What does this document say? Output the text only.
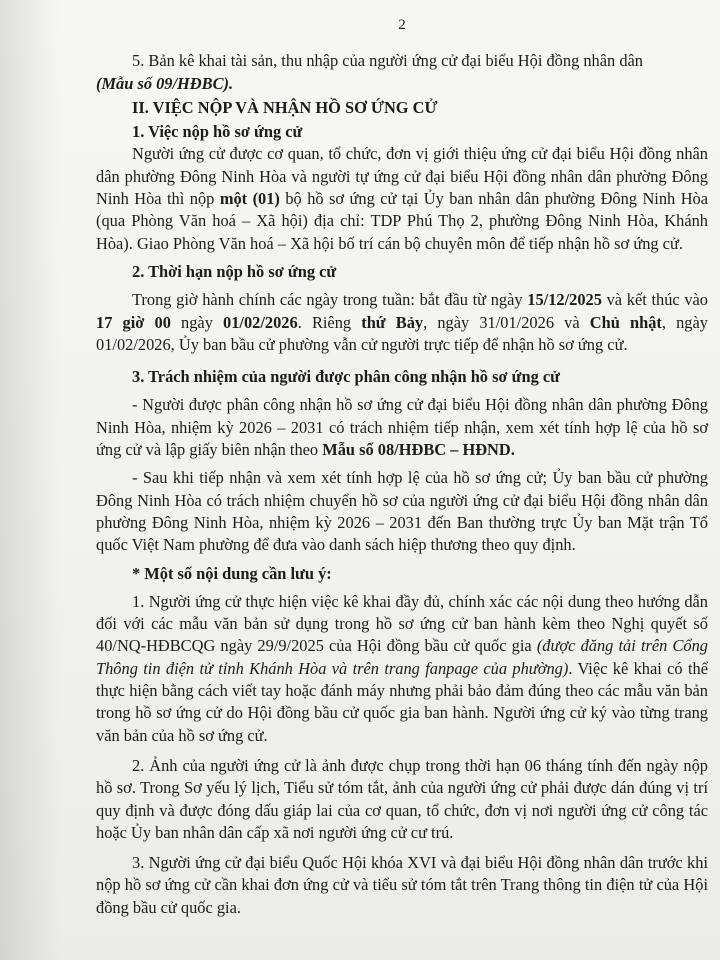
2

5. Bản kê khai tài sản, thu nhập của người ứng cử đại biểu Hội đồng nhân dân

(Mẫu số 09/HĐBC).

II. VIỆC NỘP VÀ NHẬN HỒ SƠ ỨNG CỬ

1. Việc nộp hồ sơ ứng cử

Người ứng cử được cơ quan, tổ chức, đơn vị giới thiệu ứng cử đại biểu Hội đồng nhân dân phường Đông Ninh Hòa và người tự ứng cử đại biểu Hội đồng nhân dân phường Đông Ninh Hòa thì nộp một (01) bộ hồ sơ ứng cử tại Ủy ban nhân dân phường Đông Ninh Hòa (qua Phòng Văn hoá – Xã hội) địa chỉ: TDP Phú Thọ 2, phường Đông Ninh Hòa, Khánh Hòa). Giao Phòng Văn hoá – Xã hội bố trí cán bộ chuyên môn để tiếp nhận hồ sơ ứng cử.

2. Thời hạn nộp hồ sơ ứng cử

Trong giờ hành chính các ngày trong tuần: bắt đầu từ ngày 15/12/2025 và kết thúc vào 17 giờ 00 ngày 01/02/2026. Riêng thứ Bảy, ngày 31/01/2026 và Chủ nhật, ngày 01/02/2026, Ủy ban bầu cử phường vẫn cử người trực tiếp để nhận hồ sơ ứng cử.

3. Trách nhiệm của người được phân công nhận hồ sơ ứng cử

- Người được phân công nhận hồ sơ ứng cử đại biểu Hội đồng nhân dân phường Đông Ninh Hòa, nhiệm kỳ 2026 – 2031 có trách nhiệm tiếp nhận, xem xét tính hợp lệ của hồ sơ ứng cử và lập giấy biên nhận theo Mẫu số 08/HĐBC – HĐND.

- Sau khi tiếp nhận và xem xét tính hợp lệ của hồ sơ ứng cử; Ủy ban bầu cử phường Đông Ninh Hòa có trách nhiệm chuyển hồ sơ của người ứng cử đại biểu Hội đồng nhân dân phường Đông Ninh Hòa, nhiệm kỳ 2026 – 2031 đến Ban thường trực Ủy ban Mặt trận Tổ quốc Việt Nam phường để đưa vào danh sách hiệp thương theo quy định.

* Một số nội dung cần lưu ý:

1. Người ứng cử thực hiện việc kê khai đầy đủ, chính xác các nội dung theo hướng dẫn đối với các mẫu văn bản sử dụng trong hồ sơ ứng cử ban hành kèm theo Nghị quyết số 40/NQ-HĐBCQG ngày 29/9/2025 của Hội đồng bầu cử quốc gia (được đăng tải trên Cổng Thông tin điện tử tỉnh Khánh Hòa và trên trang fanpage của phường). Việc kê khai có thể thực hiện bằng cách viết tay hoặc đánh máy nhưng phải bảo đảm đúng theo các mẫu văn bản trong hồ sơ ứng cử do Hội đồng bầu cử quốc gia ban hành. Người ứng cử ký vào từng trang văn bản của hồ sơ ứng cử.

2. Ảnh của người ứng cử là ảnh được chụp trong thời hạn 06 tháng tính đến ngày nộp hồ sơ. Trong Sơ yếu lý lịch, Tiểu sử tóm tắt, ảnh của người ứng cử phải được dán đúng vị trí quy định và được đóng dấu giáp lai của cơ quan, tổ chức, đơn vị nơi người ứng cử công tác hoặc Ủy ban nhân dân cấp xã nơi người ứng cử cư trú.

3. Người ứng cử đại biểu Quốc Hội khóa XVI và đại biểu Hội đồng nhân dân trước khi nộp hồ sơ ứng cử cần khai đơn ứng cử và tiểu sử tóm tắt trên Trang thông tin điện tử của Hội đồng bầu cử quốc gia.
